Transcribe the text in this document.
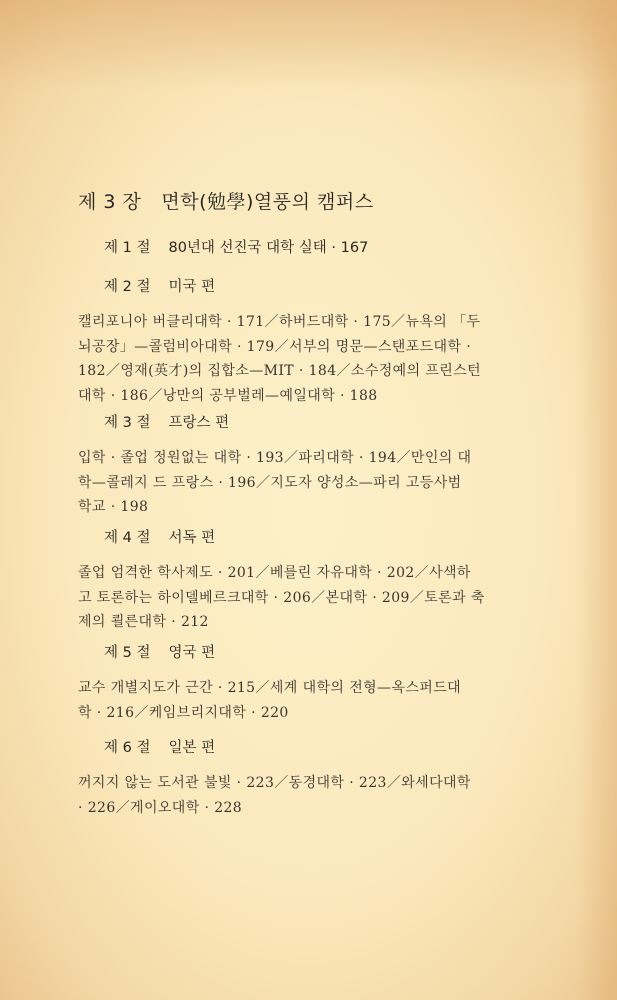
제 3 장 면학(勉學)열풍의 캠퍼스
제 1 절 80년대 선진국 대학 실태 · 167
제 2 절 미국 편
캘리포니아 버클리대학 · 171／하버드대학 · 175／뉴욕의 「두
뇌공장」—콜럼비아대학 · 179／서부의 명문—스탠포드대학 ·
182／영재(英才)의 집합소—MIT · 184／소수정예의 프린스턴
대학 · 186／낭만의 공부벌레—예일대학 · 188
제 3 절 프랑스 편
입학 · 졸업 정원없는 대학 · 193／파리대학 · 194／만인의 대
학—콜레지 드 프랑스 · 196／지도자 양성소—파리 고등사범
학교 · 198
제 4 절 서독 편
졸업 엄격한 학사제도 · 201／베를린 자유대학 · 202／사색하
고 토론하는 하이델베르크대학 · 206／본대학 · 209／토론과 축
제의 쾰른대학 · 212
제 5 절 영국 편
교수 개별지도가 근간 · 215／세계 대학의 전형—옥스퍼드대
학 · 216／케임브리지대학 · 220
제 6 절 일본 편
꺼지지 않는 도서관 불빛 · 223／동경대학 · 223／와세다대학
· 226／게이오대학 · 228
